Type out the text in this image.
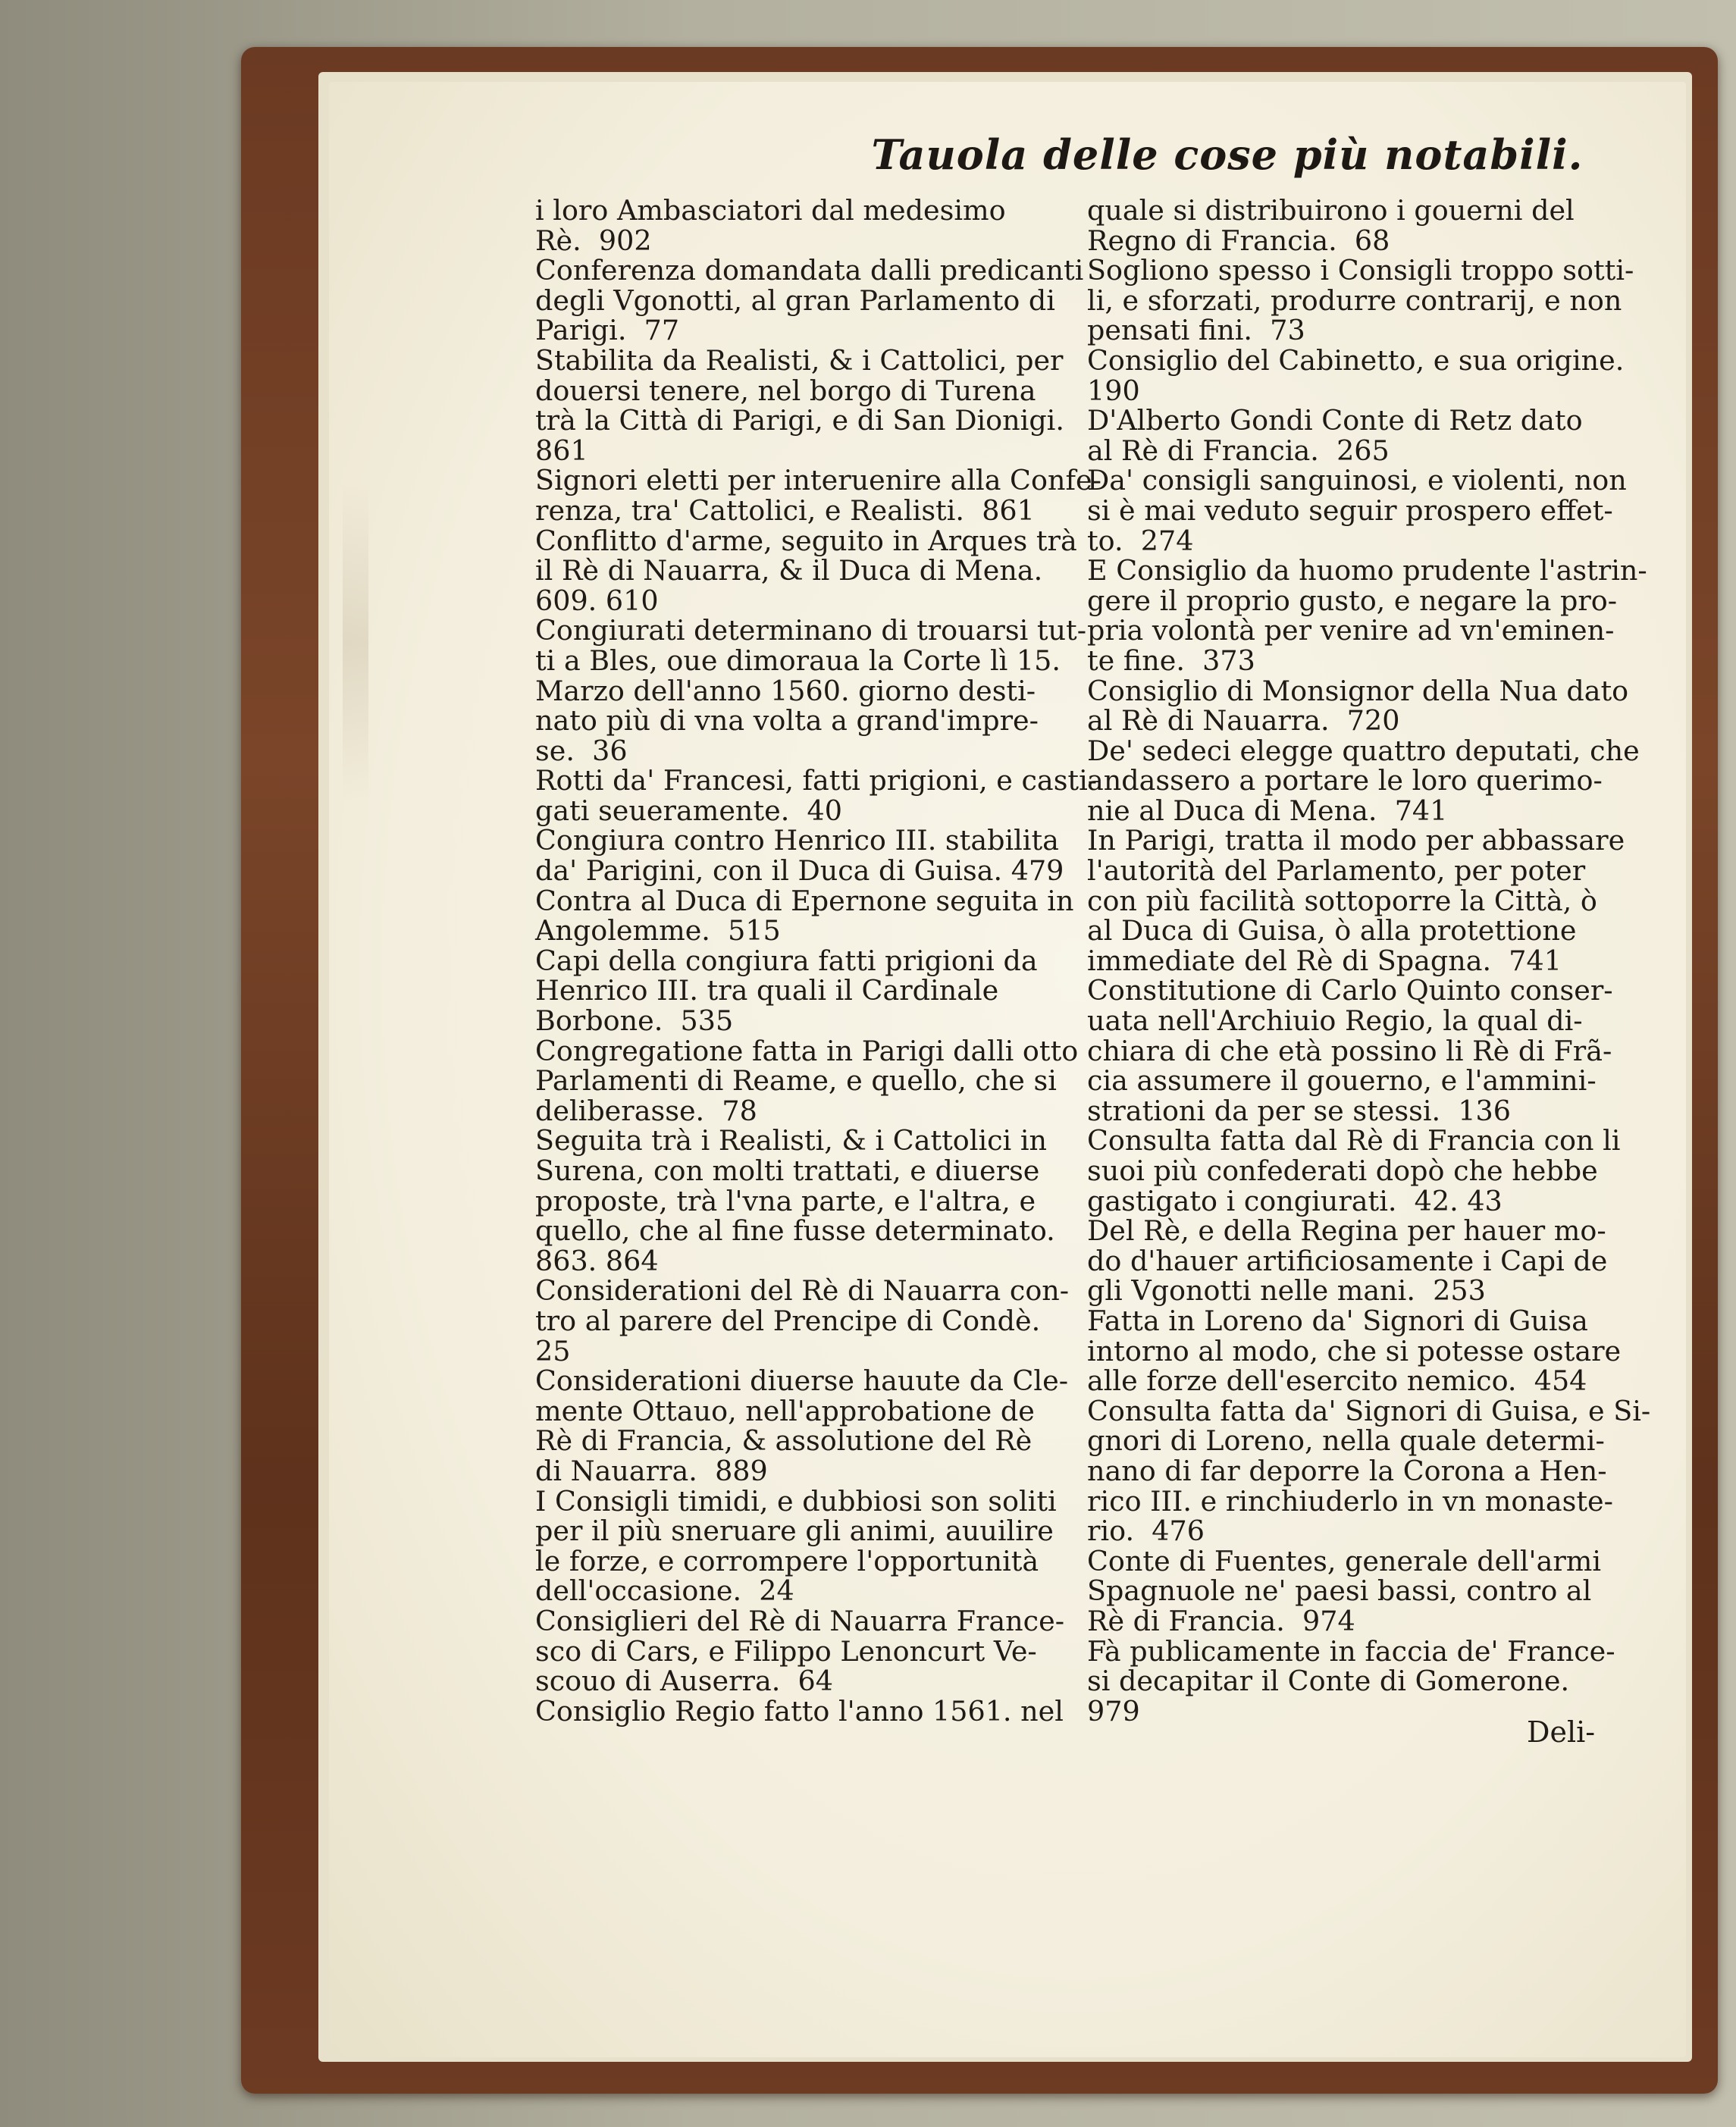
Tauola delle cose più notabili.
i loro Ambasciatori dal medesimo
Rè.  902
Conferenza domandata dalli predicanti
degli Vgonotti, al gran Parlamento di
Parigi.  77
Stabilita da Realisti, & i Cattolici, per
douersi tenere, nel borgo di Turena
trà la Città di Parigi, e di San Dionigi.
861
Signori eletti per interuenire alla Confe-
renza, tra' Cattolici, e Realisti.  861
Conflitto d'arme, seguito in Arques trà
il Rè di Nauarra, & il Duca di Mena.
609. 610
Congiurati determinano di trouarsi tut-
ti a Bles, oue dimoraua la Corte lì 15.
Marzo dell'anno 1560. giorno desti-
nato più di vna volta a grand'impre-
se.  36
Rotti da' Francesi, fatti prigioni, e casti-
gati seueramente.  40
Congiura contro Henrico III. stabilita
da' Parigini, con il Duca di Guisa. 479
Contra al Duca di Epernone seguita in
Angolemme.  515
Capi della congiura fatti prigioni da
Henrico III. tra quali il Cardinale
Borbone.  535
Congregatione fatta in Parigi dalli otto
Parlamenti di Reame, e quello, che si
deliberasse.  78
Seguita trà i Realisti, & i Cattolici in
Surena, con molti trattati, e diuerse
proposte, trà l'vna parte, e l'altra, e
quello, che al fine fusse determinato.
863. 864
Considerationi del Rè di Nauarra con-
tro al parere del Prencipe di Condè.
25
Considerationi diuerse hauute da Cle-
mente Ottauo, nell'approbatione de
Rè di Francia, & assolutione del Rè
di Nauarra.  889
I Consigli timidi, e dubbiosi son soliti
per il più sneruare gli animi, auuilire
le forze, e corrompere l'opportunità
dell'occasione.  24
Consiglieri del Rè di Nauarra France-
sco di Cars, e Filippo Lenoncurt Ve-
scouo di Auserra.  64
Consiglio Regio fatto l'anno 1561. nel
quale si distribuirono i gouerni del
Regno di Francia.  68
Sogliono spesso i Consigli troppo sotti-
li, e sforzati, produrre contrarij, e non
pensati fini.  73
Consiglio del Cabinetto, e sua origine.
190
D'Alberto Gondi Conte di Retz dato
al Rè di Francia.  265
Da' consigli sanguinosi, e violenti, non
si è mai veduto seguir prospero effet-
to.  274
E Consiglio da huomo prudente l'astrin-
gere il proprio gusto, e negare la pro-
pria volontà per venire ad vn'eminen-
te fine.  373
Consiglio di Monsignor della Nua dato
al Rè di Nauarra.  720
De' sedeci elegge quattro deputati, che
andassero a portare le loro querimo-
nie al Duca di Mena.  741
In Parigi, tratta il modo per abbassare
l'autorità del Parlamento, per poter
con più facilità sottoporre la Città, ò
al Duca di Guisa, ò alla protettione
immediate del Rè di Spagna.  741
Constitutione di Carlo Quinto conser-
uata nell'Archiuio Regio, la qual di-
chiara di che età possino li Rè di Frã-
cia assumere il gouerno, e l'ammini-
strationi da per se stessi.  136
Consulta fatta dal Rè di Francia con li
suoi più confederati dopò che hebbe
gastigato i congiurati.  42. 43
Del Rè, e della Regina per hauer mo-
do d'hauer artificiosamente i Capi de
gli Vgonotti nelle mani.  253
Fatta in Loreno da' Signori di Guisa
intorno al modo, che si potesse ostare
alle forze dell'esercito nemico.  454
Consulta fatta da' Signori di Guisa, e Si-
gnori di Loreno, nella quale determi-
nano di far deporre la Corona a Hen-
rico III. e rinchiuderlo in vn monaste-
rio.  476
Conte di Fuentes, generale dell'armi
Spagnuole ne' paesi bassi, contro al
Rè di Francia.  974
Fà publicamente in faccia de' France-
si decapitar il Conte di Gomerone.
979
Deli-
